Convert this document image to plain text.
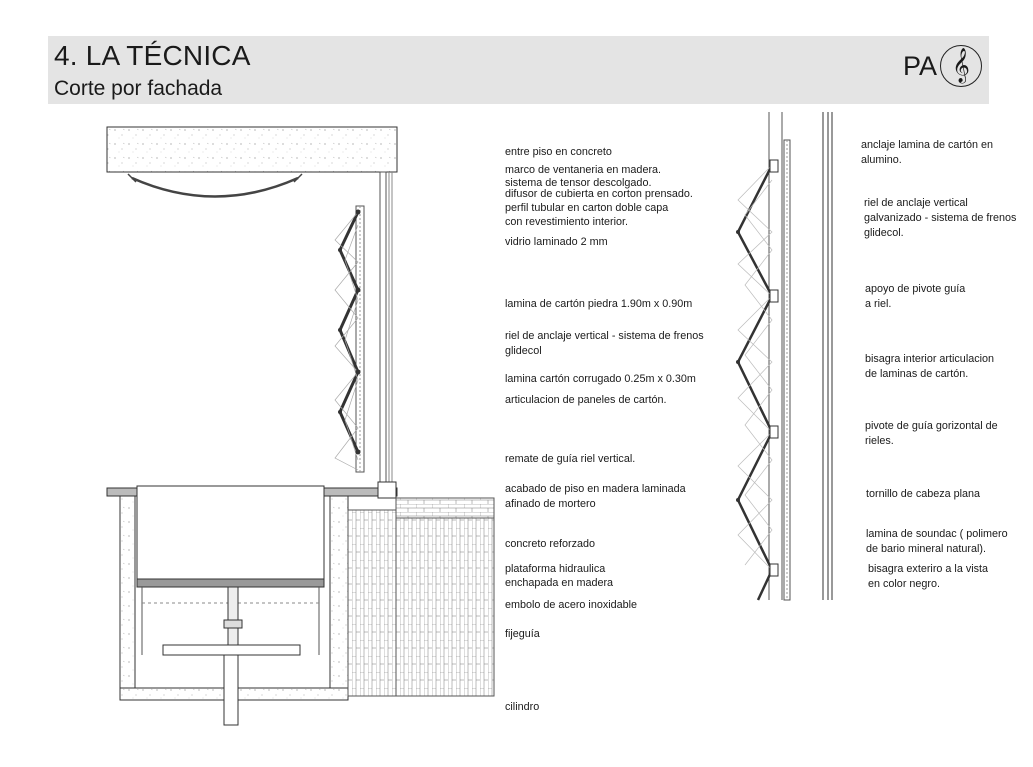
4. LA TÉCNICA
Corte por fachada
PA 𝄞
entre piso en concreto
marco de ventaneria en madera.
sistema de tensor descolgado.
difusor de cubierta en corton prensado.
perfil tubular en carton doble capa
con revestimiento interior.
vidrio laminado 2 mm
lamina de cartón piedra 1.90m x 0.90m
riel de anclaje vertical - sistema de frenos
glidecol
lamina cartón corrugado 0.25m x 0.30m
articulacion de paneles de cartón.
remate de guía riel vertical.
acabado de piso en madera laminada
afinado de mortero
concreto reforzado
plataforma hidraulica
enchapada en madera
embolo de acero inoxidable
fijeguía
cilindro
anclaje lamina de cartón en
alumino.
riel de anclaje vertical
galvanizado - sistema de frenos
glidecol.
apoyo de pivote guía
a riel.
bisagra interior articulacion
de laminas de cartón.
pivote de guía gorizontal de
rieles.
tornillo de cabeza plana
lamina de soundac ( polimero
de bario mineral natural).
bisagra exteriro a la vista
en color negro.
